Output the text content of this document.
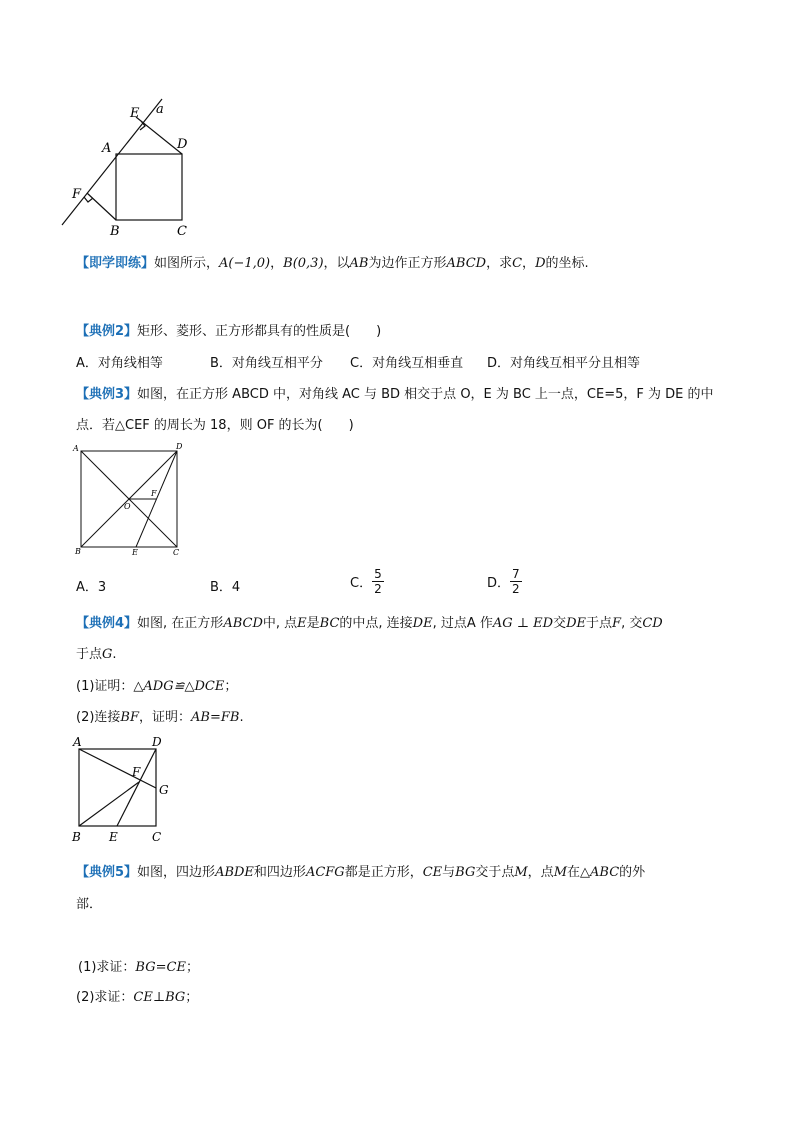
E a
A	D
F
B	C
【即学即练】如图所示，A(−1,0)，B(0,3)，以AB为边作正方形ABCD，求C，D的坐标.
【典例2】矩形、菱形、正方形都具有的性质是(　　)
A．对角线相等	B．对角线互相平分 C．对角线互相垂直 D．对角线互相平分且相等
【典例3】如图，在正方形 ABCD 中，对角线 AC 与 BD 相交于点 O，E 为 BC 上一点，CE=5，F 为 DE 的中
点．若△CEF 的周长为 18，则 OF 的长为(　　)
A	D
O
F
B	E	C
A．3	B．4	C． $\frac{5}{2}$	D． $\frac{7}{2}$
【典例4】如图, 在正方形ABCD中, 点E是BC的中点, 连接DE, 过点A 作AG ⊥ ED交DE于点F, 交CD
于点G.
(1)证明：△ADG≌△DCE；
(2)连接BF，证明：AB=FB.
A	D
F
G
B E	C
【典例5】如图，四边形ABDE和四边形ACFG都是正方形，CE与BG交于点M，点M在△ABC的外
部．
(1)求证：BG=CE；
(2)求证：CE⊥BG；
